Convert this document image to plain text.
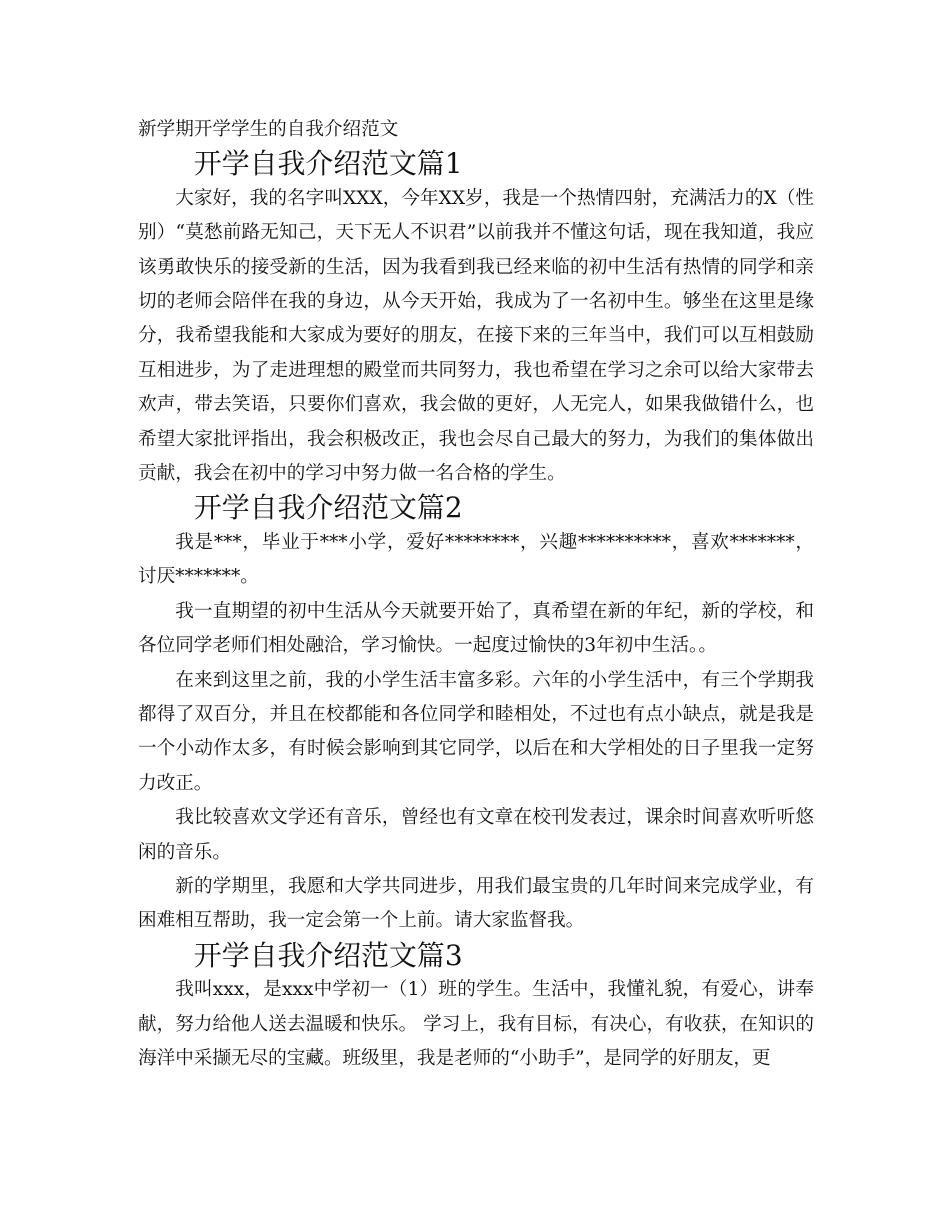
新学期开学学生的自我介绍范文
开学自我介绍范文篇1

大家好，我的名字叫XXX，今年XX岁，我是一个热情四射，充满活力的X（性别）“莫愁前路无知己，天下无人不识君”以前我并不懂这句话，现在我知道，我应该勇敢快乐的接受新的生活，因为我看到我已经来临的初中生活有热情的同学和亲切的老师会陪伴在我的身边，从今天开始，我成为了一名初中生。够坐在这里是缘分，我希望我能和大家成为要好的朋友，在接下来的三年当中，我们可以互相鼓励互相进步，为了走进理想的殿堂而共同努力，我也希望在学习之余可以给大家带去欢声，带去笑语，只要你们喜欢，我会做的更好，人无完人，如果我做错什么，也希望大家批评指出，我会积极改正，我也会尽自己最大的努力，为我们的集体做出贡献，我会在初中的学习中努力做一名合格的学生。

开学自我介绍范文篇2

我是***，毕业于***小学，爱好********，兴趣**********，喜欢*******，讨厌*******。

我一直期望的初中生活从今天就要开始了，真希望在新的年纪，新的学校，和各位同学老师们相处融洽，学习愉快。一起度过愉快的3年初中生活。。

在来到这里之前，我的小学生活丰富多彩。六年的小学生活中，有三个学期我都得了双百分，并且在校都能和各位同学和睦相处，不过也有点小缺点，就是我是一个小动作太多，有时候会影响到其它同学，以后在和大学相处的日子里我一定努力改正。

我比较喜欢文学还有音乐，曾经也有文章在校刊发表过，课余时间喜欢听听悠闲的音乐。

新的学期里，我愿和大学共同进步，用我们最宝贵的几年时间来完成学业，有困难相互帮助，我一定会第一个上前。请大家监督我。

开学自我介绍范文篇3

我叫xxx，是xxx中学初一（1）班的学生。生活中，我懂礼貌，有爱心，讲奉献，努力给他人送去温暖和快乐。 学习上，我有目标，有决心，有收获，在知识的海洋中采撷无尽的宝藏。班级里，我是老师的“小助手”，是同学的好朋友，更
